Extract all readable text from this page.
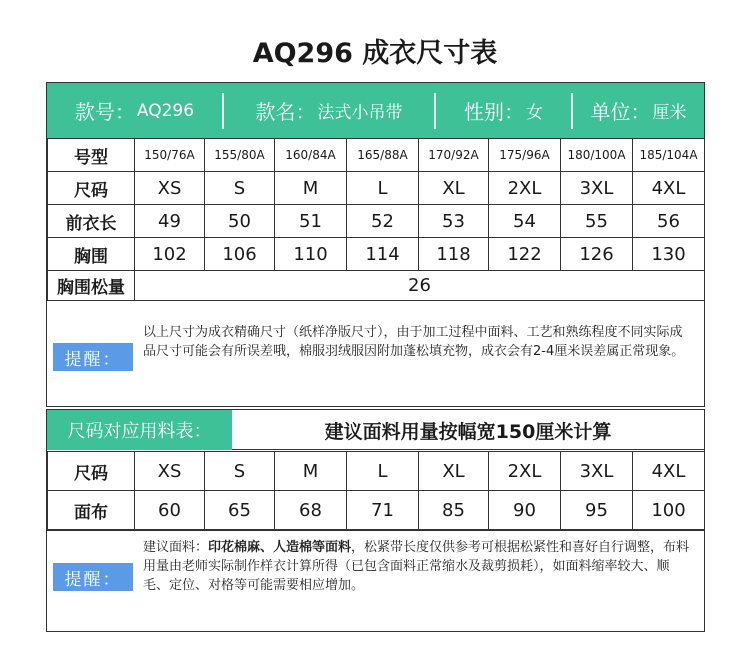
AQ296 成衣尺寸表
款号： AQ296	款名： 法式小吊带	性别： 女 单位： 厘米
号型	150/76A	155/80A	160/84A	165/88A	170/92A	175/96A	180/100A	185/104A
尺码	XS	S	M	L	XL	2XL	3XL	4XL
前衣长	49	50	51	52	53	54	55	56
胸围	102	106	110	114	118	122	126	130
胸围松量	26							
提醒：
以上尺寸为成衣精确尺寸（纸样净版尺寸），由于加工过程中面料、工艺和熟练程度不同实际成品尺寸可能会有所误差哦，棉服羽绒服因附加蓬松填充物，成衣会有2-4厘米误差属正常现象。
尺码对应用料表：	建议面料用量按幅宽150厘米计算
尺码	XS	S	M	L	XL	2XL	3XL	4XL
面布	60	65	68	71	85	90	95	100
提醒：
建议面料：印花棉麻、人造棉等面料，松紧带长度仅供参考可根据松紧性和喜好自行调整，布料用量由老师实际制作样衣计算所得（已包含面料正常缩水及裁剪损耗），如面料缩率较大、顺毛、定位、对格等可能需要相应增加。
